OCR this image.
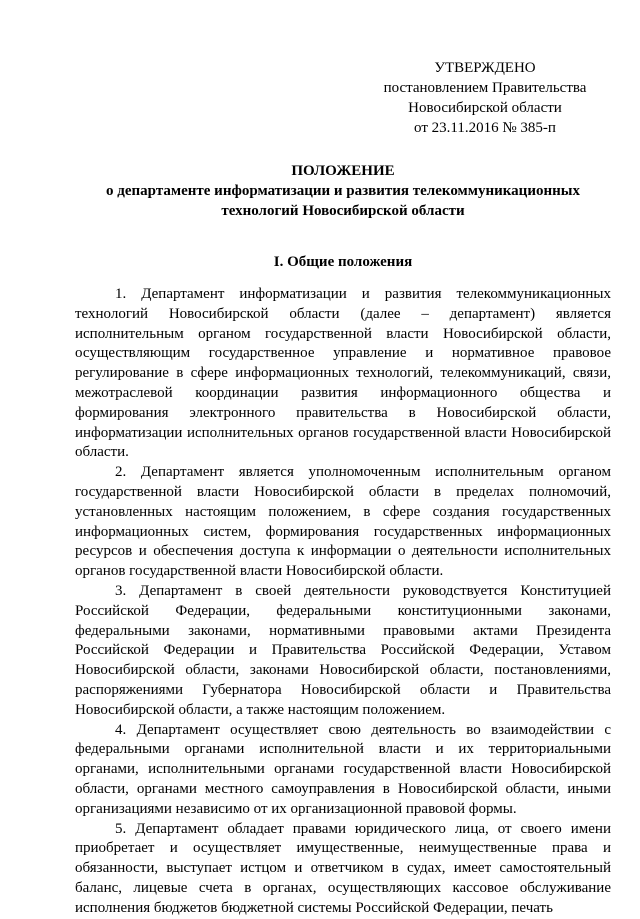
УТВЕРЖДЕНО
постановлением Правительства
Новосибирской области
от 23.11.2016 № 385-п
ПОЛОЖЕНИЕ
о департаменте информатизации и развития телекоммуникационных
технологий Новосибирской области
I. Общие положения

1. Департамент информатизации и развития телекоммуникационных технологий Новосибирской области (далее – департамент) является исполнительным органом государственной власти Новосибирской области, осуществляющим государственное управление и нормативное правовое регулирование в сфере информационных технологий, телекоммуникаций, связи, межотраслевой координации развития информационного общества и формирования электронного правительства в Новосибирской области, информатизации исполнительных органов государственной власти Новосибирской области.

2. Департамент является уполномоченным исполнительным органом государственной власти Новосибирской области в пределах полномочий, установленных настоящим положением, в сфере создания государственных информационных систем, формирования государственных информационных ресурсов и обеспечения доступа к информации о деятельности исполнительных органов государственной власти Новосибирской области.

3. Департамент в своей деятельности руководствуется Конституцией Российской Федерации, федеральными конституционными законами, федеральными законами, нормативными правовыми актами Президента Российской Федерации и Правительства Российской Федерации, Уставом Новосибирской области, законами Новосибирской области, постановлениями, распоряжениями Губернатора Новосибирской области и Правительства Новосибирской области, а также настоящим положением.

4. Департамент осуществляет свою деятельность во взаимодействии с федеральными органами исполнительной власти и их территориальными органами, исполнительными органами государственной власти Новосибирской области, органами местного самоуправления в Новосибирской области, иными организациями независимо от их организационной правовой формы.

5. Департамент обладает правами юридического лица, от своего имени приобретает и осуществляет имущественные, неимущественные права и обязанности, выступает истцом и ответчиком в судах, имеет самостоятельный баланс, лицевые счета в органах, осуществляющих кассовое обслуживание исполнения бюджетов бюджетной системы Российской Федерации, печать
